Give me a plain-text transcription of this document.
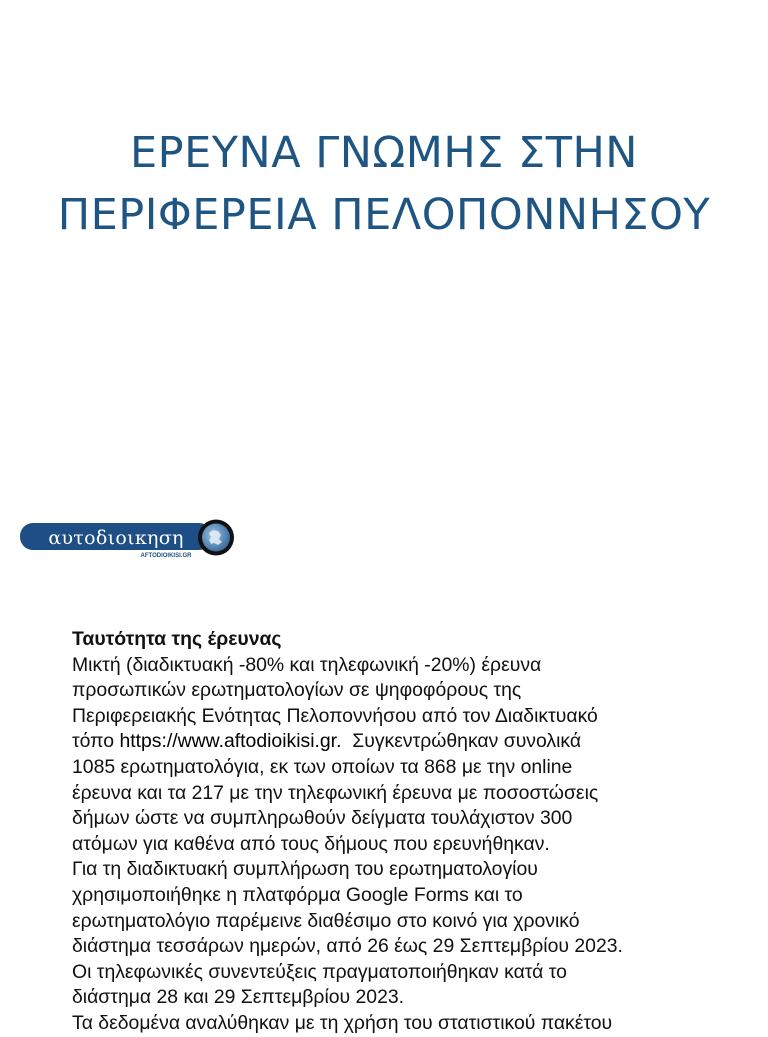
ΕΡΕΥΝΑ ΓΝΩΜΗΣ ΣΤΗΝ
ΠΕΡΙΦΕΡΕΙΑ ΠΕΛΟΠΟΝΝΗΣΟΥ
αυτοδιοικηση
AFTODIOIKISI.GR
Ταυτότητα της έρευνας
Μικτή (διαδικτυακή -80% και τηλεφωνική -20%) έρευνα
προσωπικών ερωτηματολογίων σε ψηφοφόρους της
Περιφερειακής Ενότητας Πελοποννήσου από τον Διαδικτυακό
τόπο https://www.aftodioikisi.gr. Συγκεντρώθηκαν συνολικά
1085 ερωτηματολόγια, εκ των οποίων τα 868 με την online
έρευνα και τα 217 με την τηλεφωνική έρευνα με ποσοστώσεις
δήμων ώστε να συμπληρωθούν δείγματα τουλάχιστον 300
ατόμων για καθένα από τους δήμους που ερευνήθηκαν.
Για τη διαδικτυακή συμπλήρωση του ερωτηματολογίου
χρησιμοποιήθηκε η πλατφόρμα Google Forms και το
ερωτηματολόγιο παρέμεινε διαθέσιμο στο κοινό για χρονικό
διάστημα τεσσάρων ημερών, από 26 έως 29 Σεπτεμβρίου 2023.
Οι τηλεφωνικές συνεντεύξεις πραγματοποιήθηκαν κατά το
διάστημα 28 και 29 Σεπτεμβρίου 2023.
Τα δεδομένα αναλύθηκαν με τη χρήση του στατιστικού πακέτου
